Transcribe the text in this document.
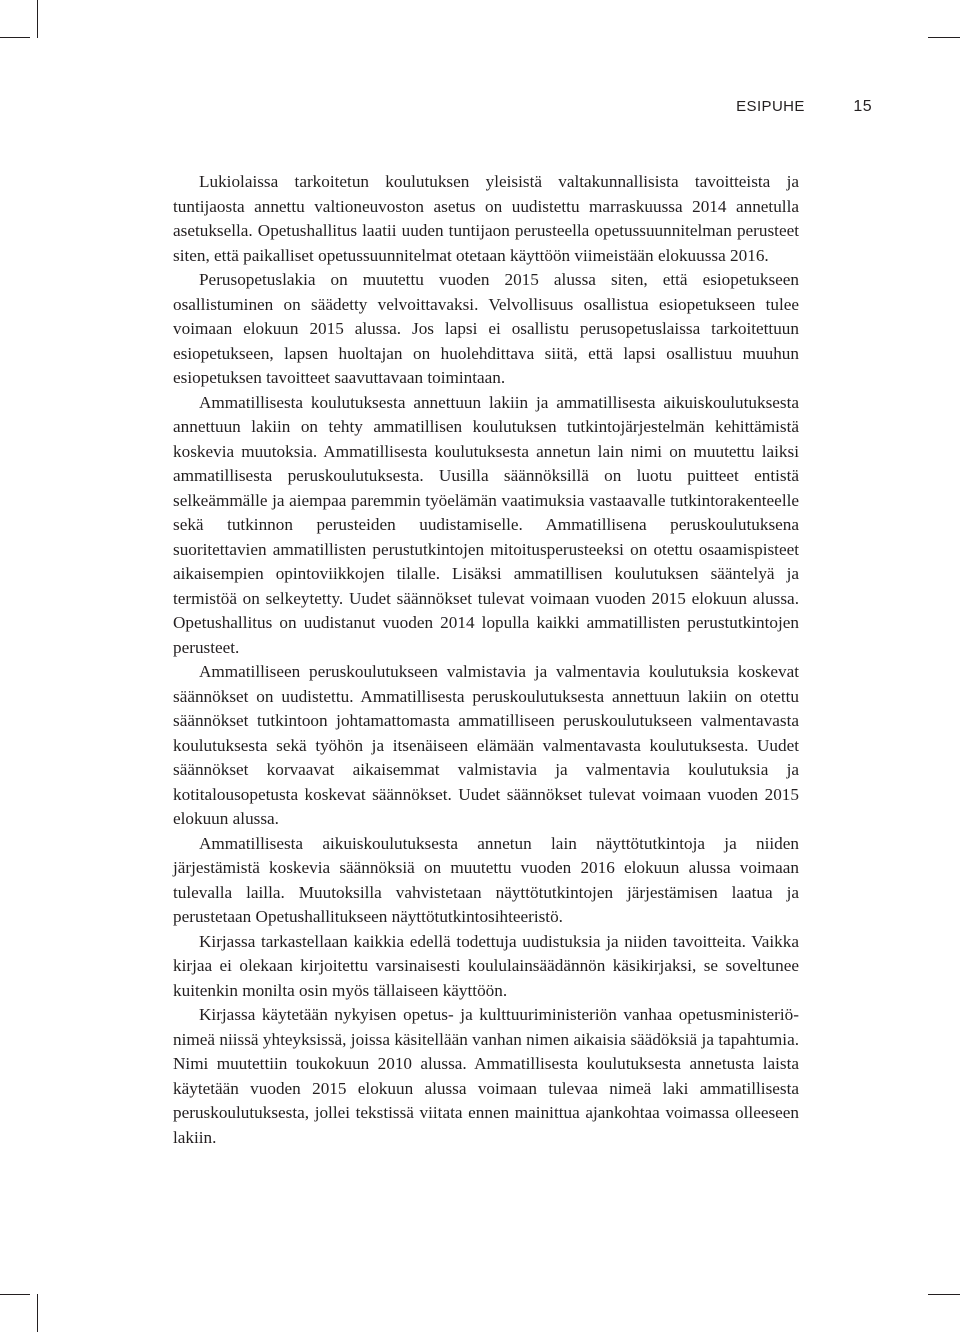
ESIPUHE	15

Lukiolaissa tarkoitetun koulutuksen yleisistä valtakunnallisista tavoitteista ja tuntijaosta annettu valtioneuvoston asetus on uudistettu marraskuussa 2014 annetulla asetuksella. Opetushallitus laatii uuden tuntijaon perusteella opetussuunnitelman perusteet siten, että paikalliset opetussuunnitelmat otetaan käyttöön viimeistään elokuussa 2016.

Perusopetuslakia on muutettu vuoden 2015 alussa siten, että esiopetukseen osallistuminen on säädetty velvoittavaksi. Velvollisuus osallistua esiopetukseen tulee voimaan elokuun 2015 alussa. Jos lapsi ei osallistu perusopetuslaissa tarkoitettuun esiopetukseen, lapsen huoltajan on huolehdittava siitä, että lapsi osallistuu muuhun esiopetuksen tavoitteet saavuttavaan toimintaan.

Ammatillisesta koulutuksesta annettuun lakiin ja ammatillisesta aikuiskoulutuksesta annettuun lakiin on tehty ammatillisen koulutuksen tutkintojärjestelmän kehittämistä koskevia muutoksia. Ammatillisesta koulutuksesta annetun lain nimi on muutettu laiksi ammatillisesta peruskoulutuksesta. Uusilla säännöksillä on luotu puitteet entistä selkeämmälle ja aiempaa paremmin työelämän vaatimuksia vastaavalle tutkintorakenteelle sekä tutkinnon perusteiden uudistamiselle. Ammatillisena peruskoulutuksena suoritettavien ammatillisten perustutkintojen mitoitusperusteeksi on otettu osaamispisteet aikaisempien opintoviikkojen tilalle. Lisäksi ammatillisen koulutuksen sääntelyä ja termistöä on selkeytetty. Uudet säännökset tulevat voimaan vuoden 2015 elokuun alussa. Opetushallitus on uudistanut vuoden 2014 lopulla kaikki ammatillisten perustutkintojen perusteet.

Ammatilliseen peruskoulutukseen valmistavia ja valmentavia koulutuksia koskevat säännökset on uudistettu. Ammatillisesta peruskoulutuksesta annettuun lakiin on otettu säännökset tutkintoon johtamattomasta ammatilliseen peruskoulutukseen valmentavasta koulutuksesta sekä työhön ja itsenäiseen elämään valmentavasta koulutuksesta. Uudet säännökset korvaavat aikaisemmat valmistavia ja valmentavia koulutuksia ja kotitalousopetusta koskevat säännökset. Uudet säännökset tulevat voimaan vuoden 2015 elokuun alussa.

Ammatillisesta aikuiskoulutuksesta annetun lain näyttötutkintoja ja niiden järjestämistä koskevia säännöksiä on muutettu vuoden 2016 elokuun alussa voimaan tulevalla lailla. Muutoksilla vahvistetaan näyttötutkintojen järjestämisen laatua ja perustetaan Opetushallitukseen näyttötutkintosihteeristö.

Kirjassa tarkastellaan kaikkia edellä todettuja uudistuksia ja niiden tavoitteita. Vaikka kirjaa ei olekaan kirjoitettu varsinaisesti koululainsäädännön käsikirjaksi, se soveltunee kuitenkin monilta osin myös tällaiseen käyttöön.

Kirjassa käytetään nykyisen opetus- ja kulttuuriministeriön vanhaa opetusministeriö-nimeä niissä yhteyksissä, joissa käsitellään vanhan nimen aikaisia säädöksiä ja tapahtumia. Nimi muutettiin toukokuun 2010 alussa. Ammatillisesta koulutuksesta annetusta laista käytetään vuoden 2015 elokuun alussa voimaan tulevaa nimeä laki ammatillisesta peruskoulutuksesta, jollei tekstissä viitata ennen mainittua ajankohtaa voimassa olleeseen lakiin.
